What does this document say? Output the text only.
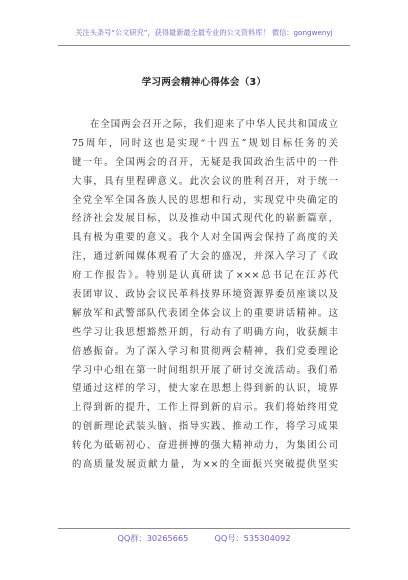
关注头条号“公文研究”，获得最新最全最专业的公文资料库！ 微信：gongwenyj
学习两会精神心得体会（3）
在全国两会召开之际，我们迎来了中华人民共和国成立
75周年，同时这也是实现“十四五”规划目标任务的关
键一年。全国两会的召开，无疑是我国政治生活中的一件
大事，具有里程碑意义。此次会议的胜利召开，对于统一
全党全军全国各族人民的思想和行动，实现党中央确定的
经济社会发展目标，以及推动中国式现代化的崭新篇章，
具有极为重要的意义。我个人对全国两会保持了高度的关
注，通过新闻媒体观看了大会的盛况，并深入学习了《政
府工作报告》。特别是认真研读了×××总书记在江苏代
表团审议、政协会议民革科技界环境资源界委员座谈以及
解放军和武警部队代表团全体会议上的重要讲话精神。这
些学习让我思想豁然开朗，行动有了明确方向，收获颇丰
倍感振奋。为了深入学习和贯彻两会精神，我们党委理论
学习中心组在第一时间组织开展了研讨交流活动。我们希
望通过这样的学习，使大家在思想上得到新的认识，境界
上得到新的提升，工作上得到新的启示。我们将始终用党
的创新理论武装头脑、指导实践、推动工作，将学习成果
转化为砥砺初心、奋进拼搏的强大精神动力，为集团公司
的高质量发展贡献力量，为××的全面振兴突破提供坚实
QQ群：30265665	QQ号：535304092
